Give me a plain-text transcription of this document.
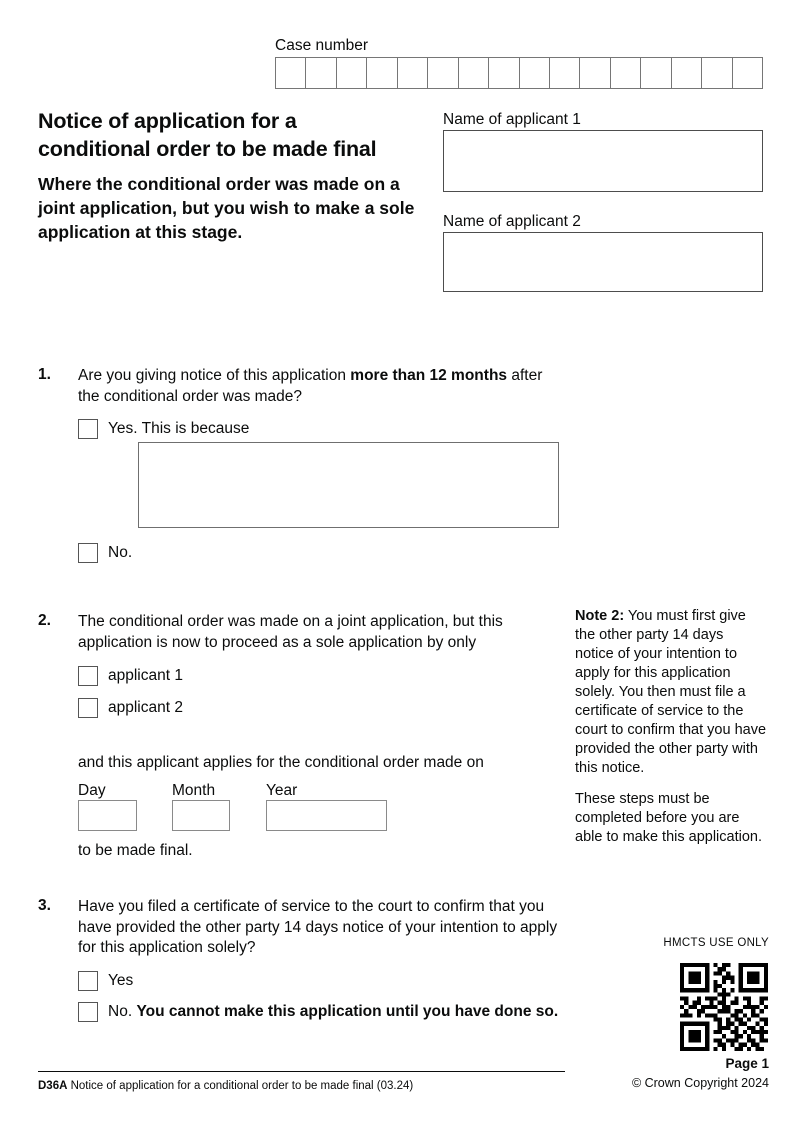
Case number
Notice of application for a
conditional order to be made final
Where the conditional order was made on a joint application, but you wish to make a sole application at this stage.
Name of applicant 1
Name of applicant 2
1. Are you giving notice of this application more than 12 months after the conditional order was made?
Yes. This is because
No.
2. The conditional order was made on a joint application, but this application is now to proceed as a sole application by only
applicant 1
applicant 2
and this applicant applies for the conditional order made on
Day	Month	Year
to be made final.
Note 2: You must first give the other party 14 days notice of your intention to apply for this application solely. You then must file a certificate of service to the court to confirm that you have provided the other party with this notice.
These steps must be completed before you are able to make this application.
3. Have you filed a certificate of service to the court to confirm that you have provided the other party 14 days notice of your intention to apply for this application solely?
Yes
No. You cannot make this application until you have done so.
HMCTS USE ONLY
Page 1
© Crown Copyright 2024
D36A Notice of application for a conditional order to be made final (03.24)
